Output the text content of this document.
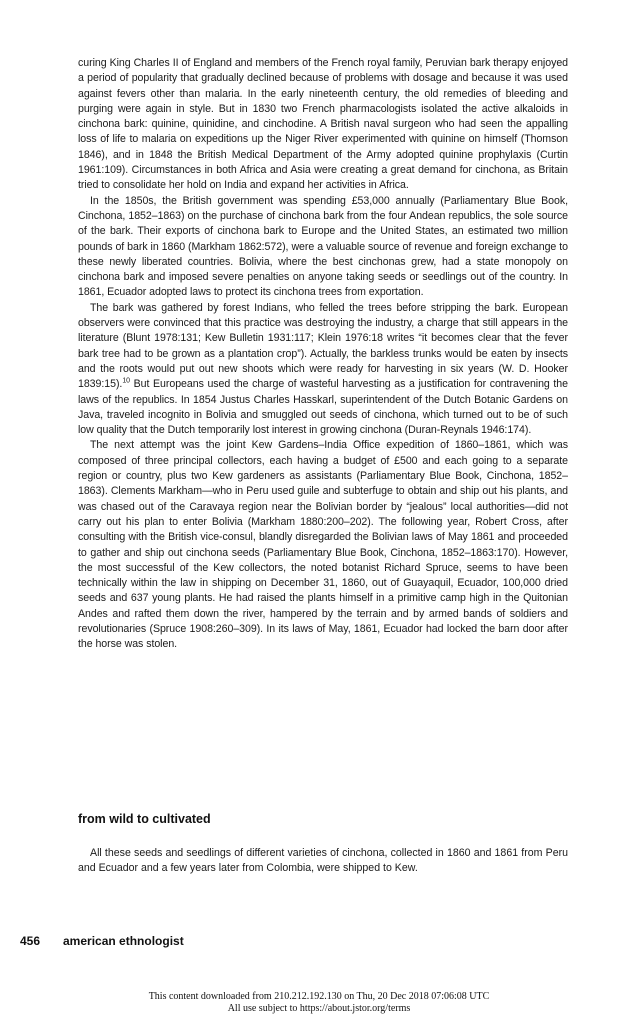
curing King Charles II of England and members of the French royal family, Peruvian bark therapy enjoyed a period of popularity that gradually declined because of problems with dosage and because it was used against fevers other than malaria. In the early nineteenth century, the old remedies of bleeding and purging were again in style. But in 1830 two French pharmacologists isolated the active alkaloids in cinchona bark: quinine, quinidine, and cinchodine. A British naval surgeon who had seen the appalling loss of life to malaria on expeditions up the Niger River experimented with quinine on himself (Thomson 1846), and in 1848 the British Medical Department of the Army adopted quinine prophylaxis (Curtin 1961:109). Circumstances in both Africa and Asia were creating a great demand for cinchona, as Britain tried to consolidate her hold on India and expand her activities in Africa.

In the 1850s, the British government was spending £53,000 annually (Parliamentary Blue Book, Cinchona, 1852–1863) on the purchase of cinchona bark from the four Andean republics, the sole source of the bark. Their exports of cinchona bark to Europe and the United States, an estimated two million pounds of bark in 1860 (Markham 1862:572), were a valuable source of revenue and foreign exchange to these newly liberated countries. Bolivia, where the best cinchonas grew, had a state monopoly on cinchona bark and imposed severe penalties on anyone taking seeds or seedlings out of the country. In 1861, Ecuador adopted laws to protect its cinchona trees from exportation.

The bark was gathered by forest Indians, who felled the trees before stripping the bark. European observers were convinced that this practice was destroying the industry, a charge that still appears in the literature (Blunt 1978:131; Kew Bulletin 1931:117; Klein 1976:18 writes “it becomes clear that the fever bark tree had to be grown as a plantation crop”). Actually, the barkless trunks would be eaten by insects and the roots would put out new shoots which were ready for harvesting in six years (W. D. Hooker 1839:15).$^{10}$ But Europeans used the charge of wasteful harvesting as a justification for contravening the laws of the republics. In 1854 Justus Charles Hasskarl, superintendent of the Dutch Botanic Gardens on Java, traveled incognito in Bolivia and smuggled out seeds of cinchona, which turned out to be of such low quality that the Dutch temporarily lost interest in growing cinchona (Duran-Reynals 1946:174).

The next attempt was the joint Kew Gardens–India Office expedition of 1860–1861, which was composed of three principal collectors, each having a budget of £500 and each going to a separate region or country, plus two Kew gardeners as assistants (Parliamentary Blue Book, Cinchona, 1852–1863). Clements Markham—who in Peru used guile and subterfuge to obtain and ship out his plants, and was chased out of the Caravaya region near the Bolivian border by “jealous” local authorities—did not carry out his plan to enter Bolivia (Markham 1880:200–202). The following year, Robert Cross, after consulting with the British vice-consul, blandly disregarded the Bolivian laws of May 1861 and proceeded to gather and ship out cinchona seeds (Parliamentary Blue Book, Cinchona, 1852–1863:170). However, the most successful of the Kew collectors, the noted botanist Richard Spruce, seems to have been technically within the law in shipping on December 31, 1860, out of Guayaquil, Ecuador, 100,000 dried seeds and 637 young plants. He had raised the plants himself in a primitive camp high in the Quitonian Andes and rafted them down the river, hampered by the terrain and by armed bands of soldiers and revolutionaries (Spruce 1908:260–309). In its laws of May, 1861, Ecuador had locked the barn door after the horse was stolen.

from wild to cultivated

All these seeds and seedlings of different varieties of cinchona, collected in 1860 and 1861 from Peru and Ecuador and a few years later from Colombia, were shipped to Kew.

456 american ethnologist
This content downloaded from 210.212.192.130 on Thu, 20 Dec 2018 07:06:08 UTC
All use subject to https://about.jstor.org/terms
